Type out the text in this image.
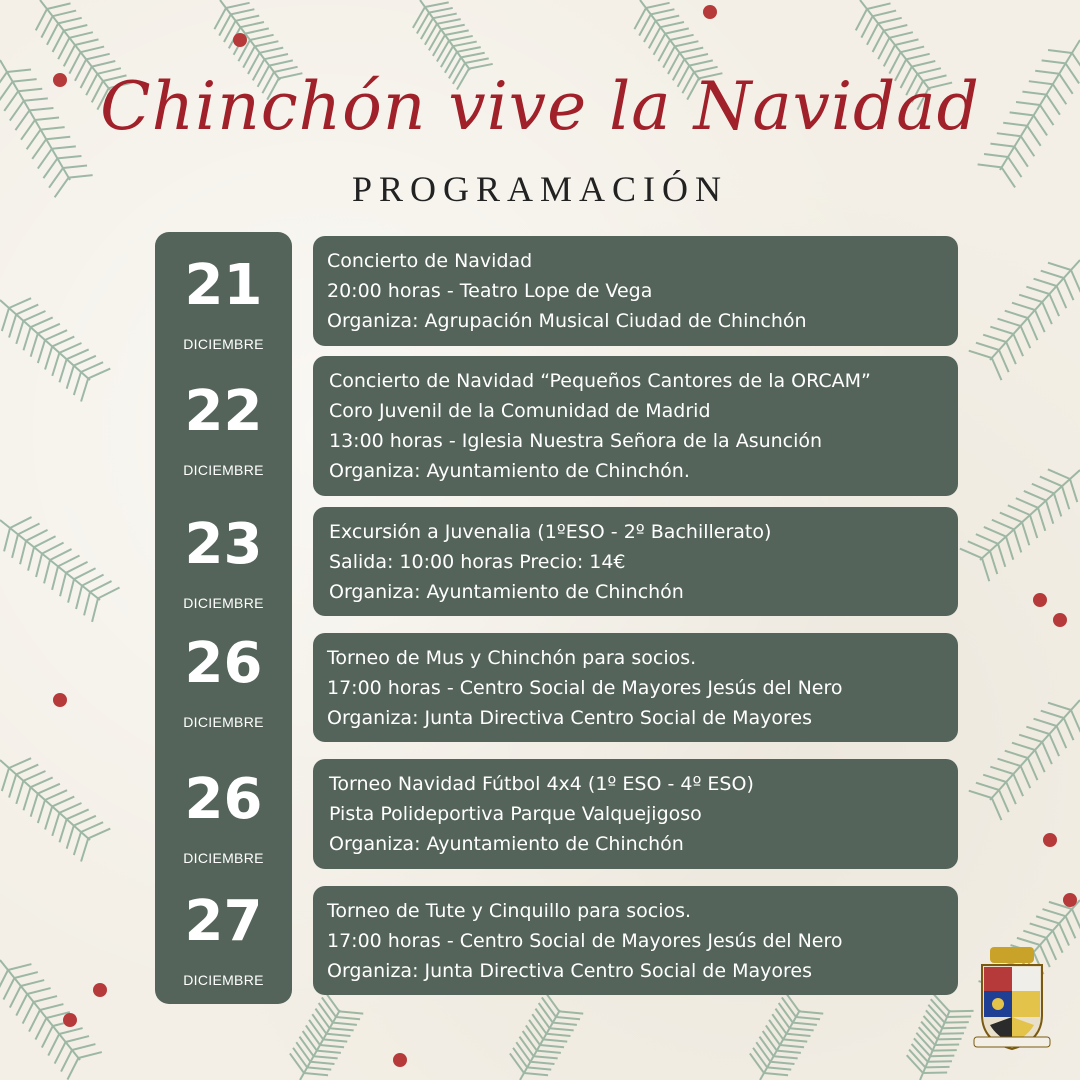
Chinchón vive la Navidad
PROGRAMACIÓN
21
DICIEMBRE
22
DICIEMBRE
23
DICIEMBRE
26
DICIEMBRE
26
DICIEMBRE
27
DICIEMBRE
Concierto de Navidad
20:00 horas - Teatro Lope de Vega
Organiza: Agrupación Musical Ciudad de Chinchón
Concierto de Navidad “Pequeños Cantores de la ORCAM”
Coro Juvenil de la Comunidad de Madrid
13:00 horas - Iglesia Nuestra Señora de la Asunción
Organiza: Ayuntamiento de Chinchón.
Excursión a Juvenalia (1ºESO - 2º Bachillerato)
Salida: 10:00 horas Precio: 14€
Organiza: Ayuntamiento de Chinchón
Torneo de Mus y Chinchón para socios.
17:00 horas - Centro Social de Mayores Jesús del Nero
Organiza: Junta Directiva Centro Social de Mayores
Torneo Navidad Fútbol 4x4 (1º ESO - 4º ESO)
Pista Polideportiva Parque Valquejigoso
Organiza: Ayuntamiento de Chinchón
Torneo de Tute y Cinquillo para socios.
17:00 horas - Centro Social de Mayores Jesús del Nero
Organiza: Junta Directiva Centro Social de Mayores
